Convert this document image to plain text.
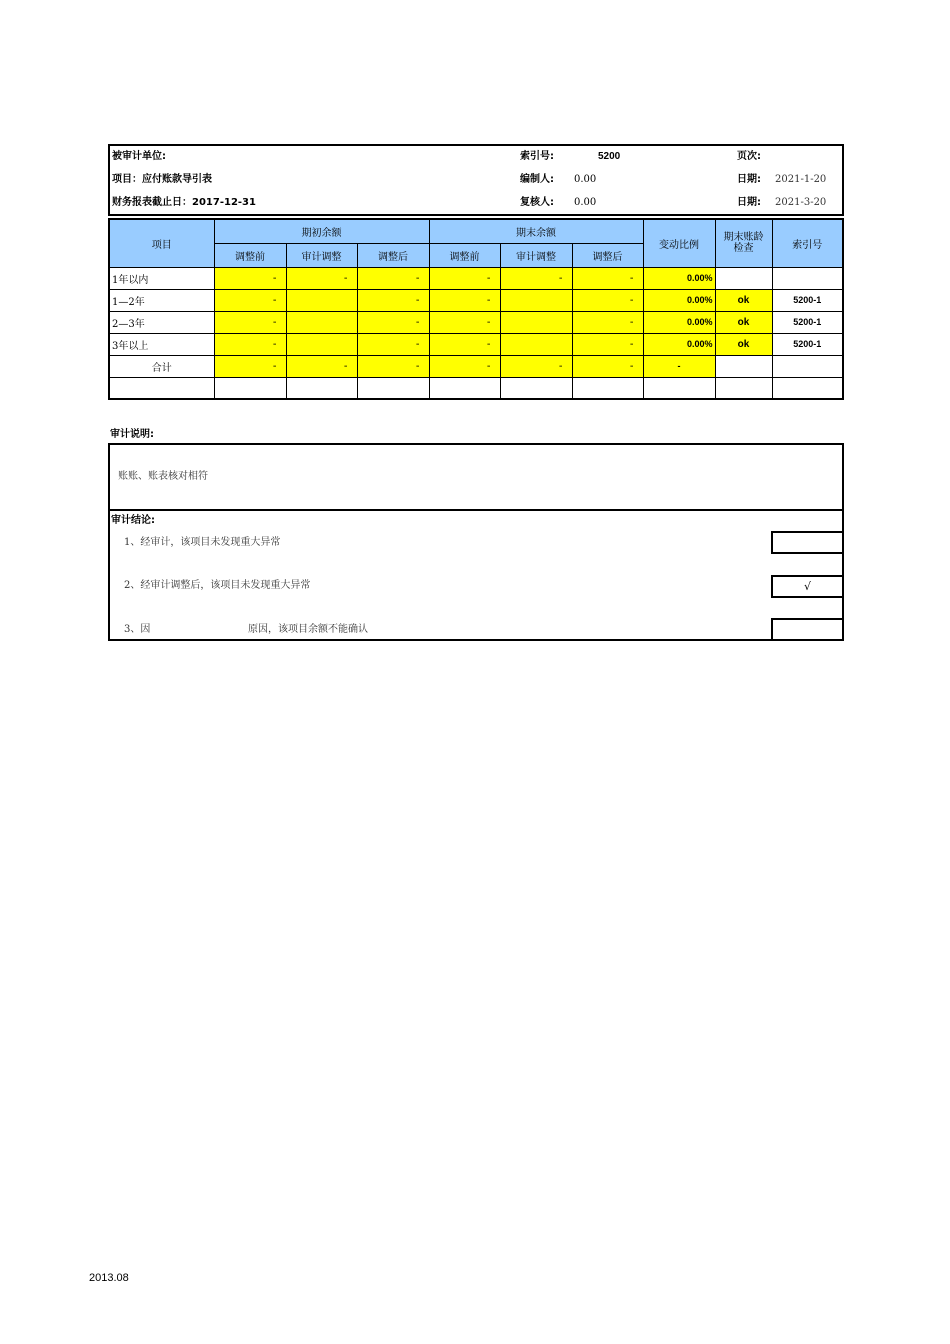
被审计单位:	索引号:	5200	页次:
项目：应付账款导引表	编制人: 0.00	日期: 2021-1-20
财务报表截止日：2017-12-31	复核人: 0.00	日期: 2021-3-20
项目	期初余额			期末余额			变动比例	期末账龄检查	索引号
	调整前	审计调整	调整后	调整前	审计调整	调整后			
1年以内	-	-	-	-	-	-	0.00%		
1—2年	-		-	-		-	0.00%	ok	5200-1
2—3年	-		-	-		-	0.00%	ok	5200-1
3年以上	-		-	-		-	0.00%	ok	5200-1
合计	-	-	-	-	-	-	-		

审计说明:
账账、账表核对相符
审计结论:
1、经审计，该项目未发现重大异常
2、经审计调整后，该项目未发现重大异常	√
3、因	原因，该项目余额不能确认
2013.08
